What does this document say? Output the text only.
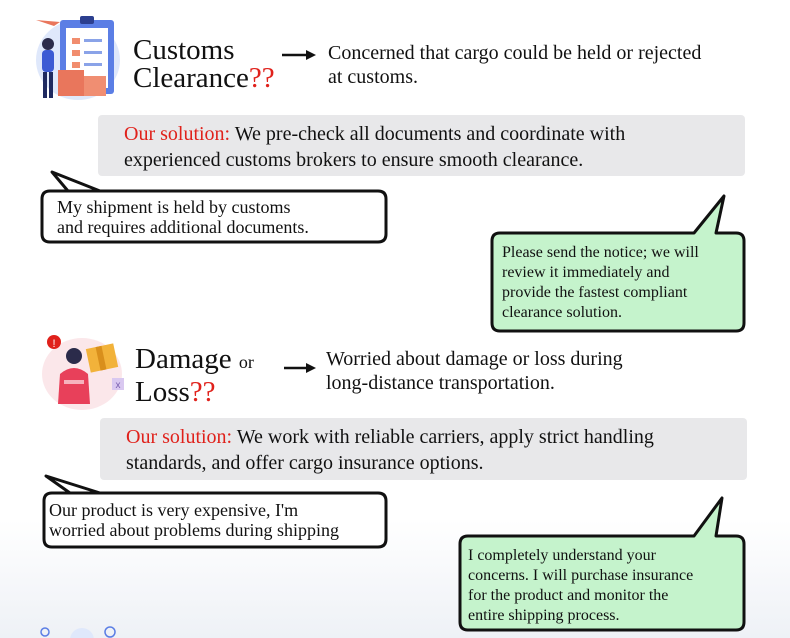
!
x
Customs
Clearance??
Concerned that cargo could be held or rejected
at customs.
Our solution: We pre-check all documents and coordinate with
experienced customs brokers to ensure smooth clearance.
My shipment is held by customs
and requires additional documents.
Please send the notice; we will
review it immediately and
provide the fastest compliant
clearance solution.
Damage or
Loss??
Worried about damage or loss during
long-distance transportation.
Our solution: We work with reliable carriers, apply strict handling
standards, and offer cargo insurance options.
Our product is very expensive, I'm
worried about problems during shipping
I completely understand your
concerns. I will purchase insurance
for the product and monitor the
entire shipping process.
